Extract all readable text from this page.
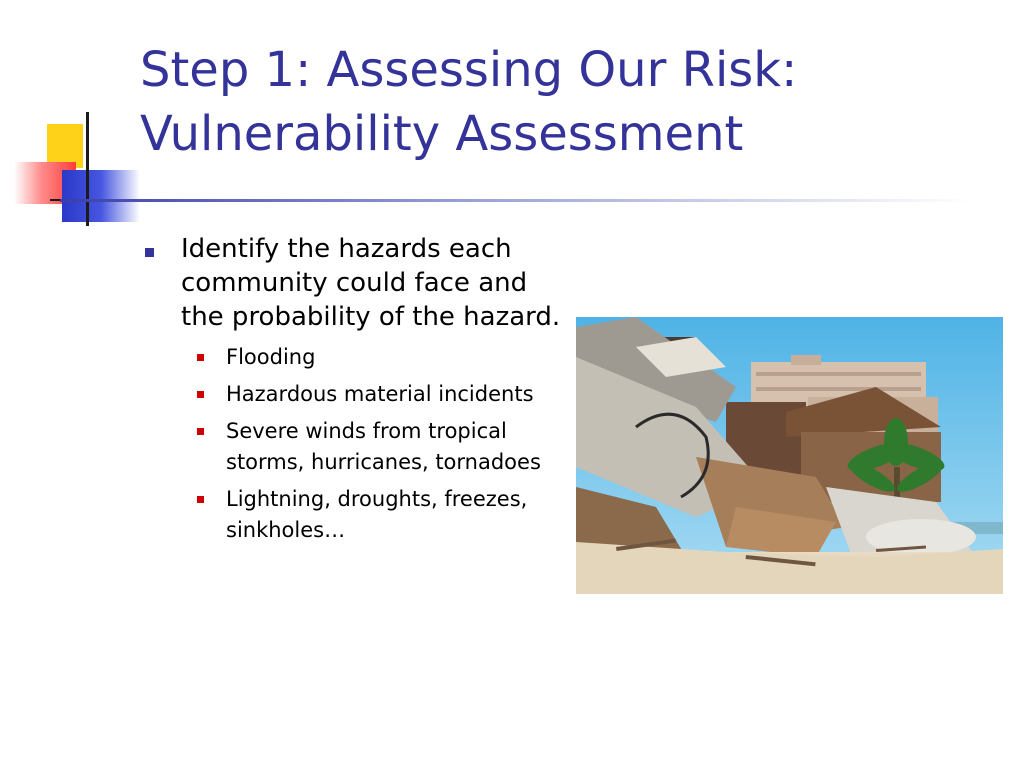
Step 1: Assessing Our Risk:
Vulnerability Assessment
Identify the hazards each community could face and the probability of the hazard.
Flooding
Hazardous material incidents
Severe winds from tropical storms, hurricanes, tornadoes
Lightning, droughts, freezes, sinkholes…
